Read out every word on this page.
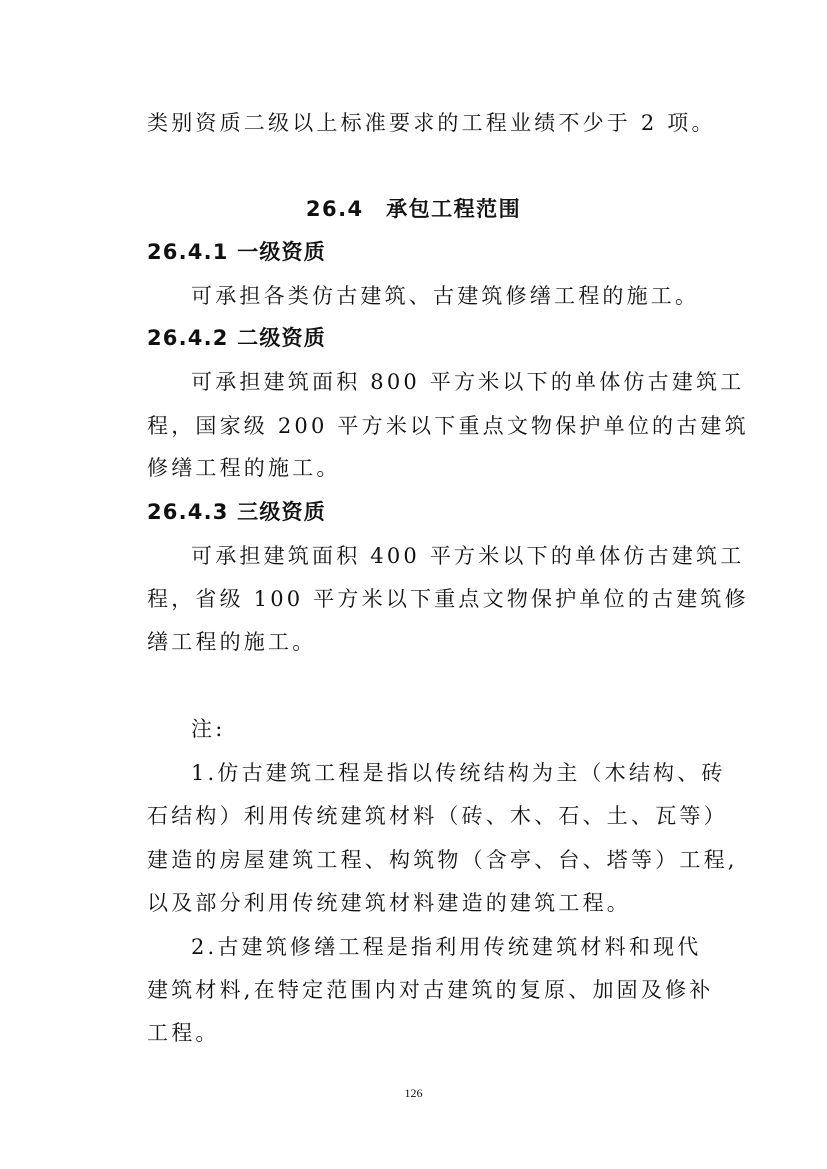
类别资质二级以上标准要求的工程业绩不少于 2 项。
26.4　承包工程范围
26.4.1 一级资质
可承担各类仿古建筑、古建筑修缮工程的施工。
26.4.2 二级资质
可承担建筑面积 800 平方米以下的单体仿古建筑工
程，国家级 200 平方米以下重点文物保护单位的古建筑
修缮工程的施工。
26.4.3 三级资质
可承担建筑面积 400 平方米以下的单体仿古建筑工
程，省级 100 平方米以下重点文物保护单位的古建筑修
缮工程的施工。
注:
1.仿古建筑工程是指以传统结构为主（木结构、砖
石结构）利用传统建筑材料（砖、木、石、土、瓦等）
建造的房屋建筑工程、构筑物（含亭、台、塔等）工程,
以及部分利用传统建筑材料建造的建筑工程。
2.古建筑修缮工程是指利用传统建筑材料和现代
建筑材料,在特定范围内对古建筑的复原、加固及修补
工程。
126
